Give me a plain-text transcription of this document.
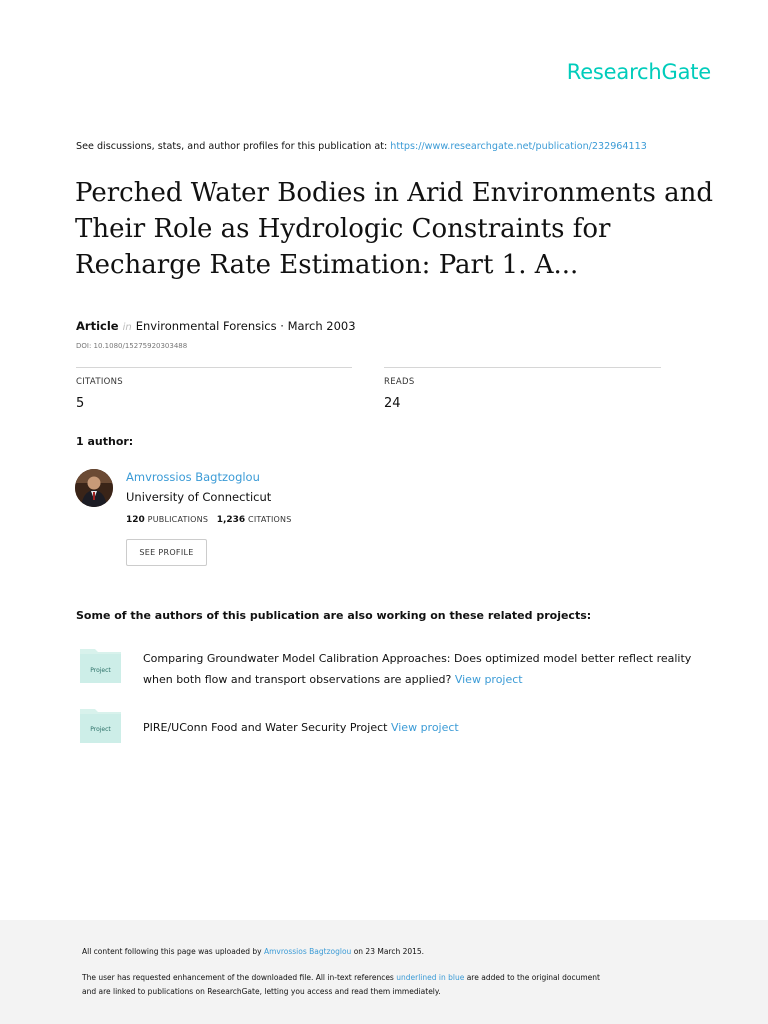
ResearchGate
See discussions, stats, and author profiles for this publication at: https://www.researchgate.net/publication/232964113
Perched Water Bodies in Arid Environments and
Their Role as Hydrologic Constraints for
Recharge Rate Estimation: Part 1. A...
Article in Environmental Forensics · March 2003
DOI: 10.1080/15275920303488
CITATIONS
5
READS
24
1 author:
Amvrossios Bagtzoglou
University of Connecticut
120 PUBLICATIONS 1,236 CITATIONS
SEE PROFILE
Some of the authors of this publication are also working on these related projects:
Project
Comparing Groundwater Model Calibration Approaches: Does optimized model better reflect reality
when both flow and transport observations are applied? View project
Project	PIRE/UConn Food and Water Security Project View project
All content following this page was uploaded by Amvrossios Bagtzoglou on 23 March 2015.
The user has requested enhancement of the downloaded file. All in-text references underlined in blue are added to the original document
and are linked to publications on ResearchGate, letting you access and read them immediately.
